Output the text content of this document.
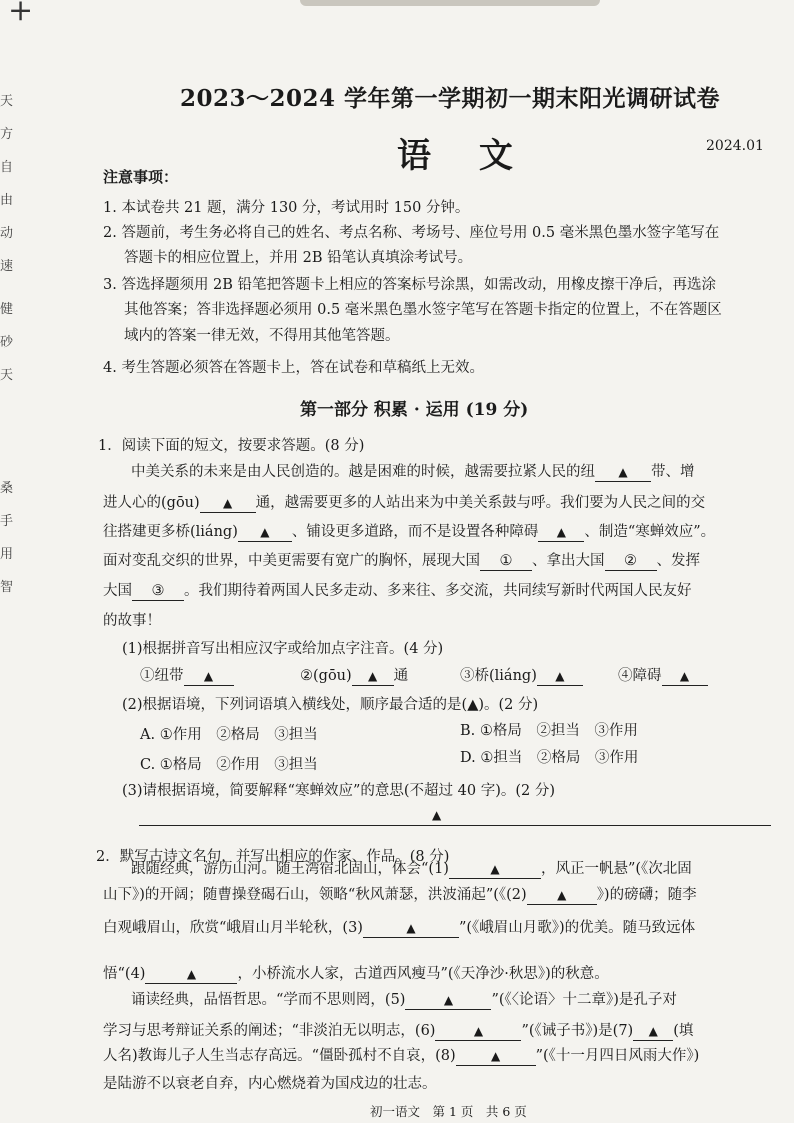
+
天
方
自
由
动
速
健
砂
天
桑
手
用
智
2023～2024 学年第一学期初一期末阳光调研试卷
语 文	2024.01
注意事项：
1. 本试卷共 21 题，满分 130 分，考试用时 150 分钟。
2. 答题前，考生务必将自己的姓名、考点名称、考场号、座位号用 0.5 毫米黑色墨水签字笔写在
答题卡的相应位置上，并用 2B 铅笔认真填涂考试号。
3. 答选择题须用 2B 铅笔把答题卡上相应的答案标号涂黑，如需改动，用橡皮擦干净后，再选涂
其他答案；答非选择题必须用 0.5 毫米黑色墨水签字笔写在答题卡指定的位置上，不在答题区
域内的答案一律无效，不得用其他笔答题。
4. 考生答题必须答在答题卡上，答在试卷和草稿纸上无效。
第一部分 积累 · 运用 (19 分)
1．阅读下面的短文，按要求答题。(8 分)
中美关系的未来是由人民创造的。越是困难的时候，越需要拉紧人民的纽 ▲ 带、增
进人心的(gōu) ▲ 通，越需要更多的人站出来为中美关系鼓与呼。我们要为人民之间的交
往搭建更多桥(liáng) ▲ 、铺设更多道路，而不是设置各种障碍 ▲ 、制造“寒蝉效应”。
面对变乱交织的世界，中美更需要有宽广的胸怀，展现大国 ① 、拿出大国 ② 、发挥
大国 ③ 。我们期待着两国人民多走动、多来往、多交流，共同续写新时代两国人民友好
的故事！
(1)根据拼音写出相应汉字或给加点字注音。(4 分)
①纽带 ▲	②(gōu) ▲ 通	③桥(liáng) ▲	④障碍 ▲
(2)根据语境，下列词语填入横线处，顺序最合适的是(▲)。(2 分)
A. ①作用　②格局　③担当	B. ①格局　②担当　③作用
C. ①格局　②作用　③担当	D. ①担当　②格局　③作用
(3)请根据语境，简要解释“寒蝉效应”的意思(不超过 40 字)。(2 分)
▲
2．默写古诗文名句，并写出相应的作家、作品。(8 分)
跟随经典，游历山河。随王湾宿北固山，体会“(1)	▲	，风正一帆悬”(《次北固
山下》)的开阔；随曹操登碣石山，领略“秋风萧瑟，洪波涌起”(《(2)	▲ 》)的磅礴；随李
白观峨眉山，欣赏“峨眉山月半轮秋，(3)	▲	”(《峨眉山月歌》)的优美。随马致远体
悟“(4)	▲	，小桥流水人家，古道西风瘦马”(《天净沙·秋思》)的秋意。
诵读经典，品悟哲思。“学而不思则罔，(5)	▲	”(《〈论语〉十二章》)是孔子对
学习与思考辩证关系的阐述；“非淡泊无以明志，(6)	▲	”(《诫子书》)是(7) ▲ (填
人名)教诲儿子人生当志存高远。“僵卧孤村不自哀，(8)	▲ ”(《十一月四日风雨大作》)
是陆游不以衰老自弃，内心燃烧着为国戍边的壮志。
初一语文　第 1 页　共 6 页
